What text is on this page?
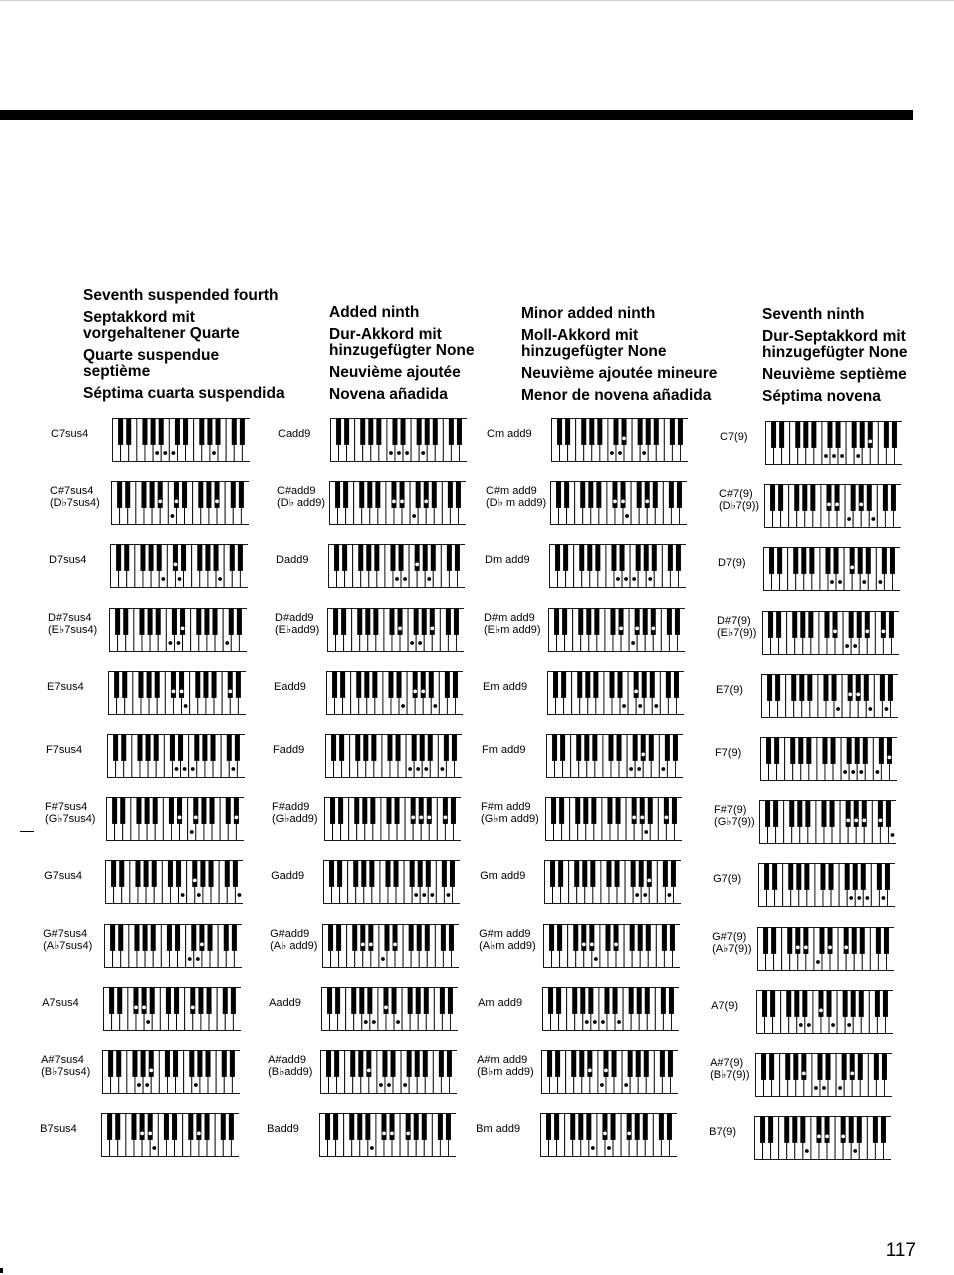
Seventh suspended fourth
Septakkord mit vorgehaltener Quarte
Quarte suspendue septième
Séptima cuarta suspendida
Added ninth
Dur-Akkord mit hinzugefügter None
Neuvième ajoutée
Novena añadida
Minor added ninth
Moll-Akkord mit hinzugefügter None
Neuvième ajoutée mineure
Menor de novena añadida
Seventh ninth
Dur-Septakkord mit hinzugefügter None
Neuvième septième
Séptima novena
C7sus4
C#7sus4
(D♭7sus4)
D7sus4
D#7sus4
(E♭7sus4)
E7sus4
F7sus4
F#7sus4
(G♭7sus4)
G7sus4
G#7sus4
(A♭7sus4)
A7sus4
A#7sus4
(B♭7sus4)
B7sus4
Cadd9
C#add9
(D♭ add9)
Dadd9
D#add9
(E♭add9)
Eadd9
Fadd9
F#add9
(G♭add9)
Gadd9
G#add9
(A♭ add9)
Aadd9
A#add9
(B♭add9)
Badd9
Cm add9
C#m add9
(D♭ m add9)
Dm add9
D#m add9
(E♭m add9)
Em add9
Fm add9
F#m add9
(G♭m add9)
Gm add9
G#m add9
(A♭m add9)
Am add9
A#m add9
(B♭m add9)
Bm add9
C7(9)
C#7(9)
(D♭7(9))
D7(9)
D#7(9)
(E♭7(9))
E7(9)
F7(9)
F#7(9)
(G♭7(9))
G7(9)
G#7(9)
(A♭7(9))
A7(9)
A#7(9)
(B♭7(9))
B7(9)
117
